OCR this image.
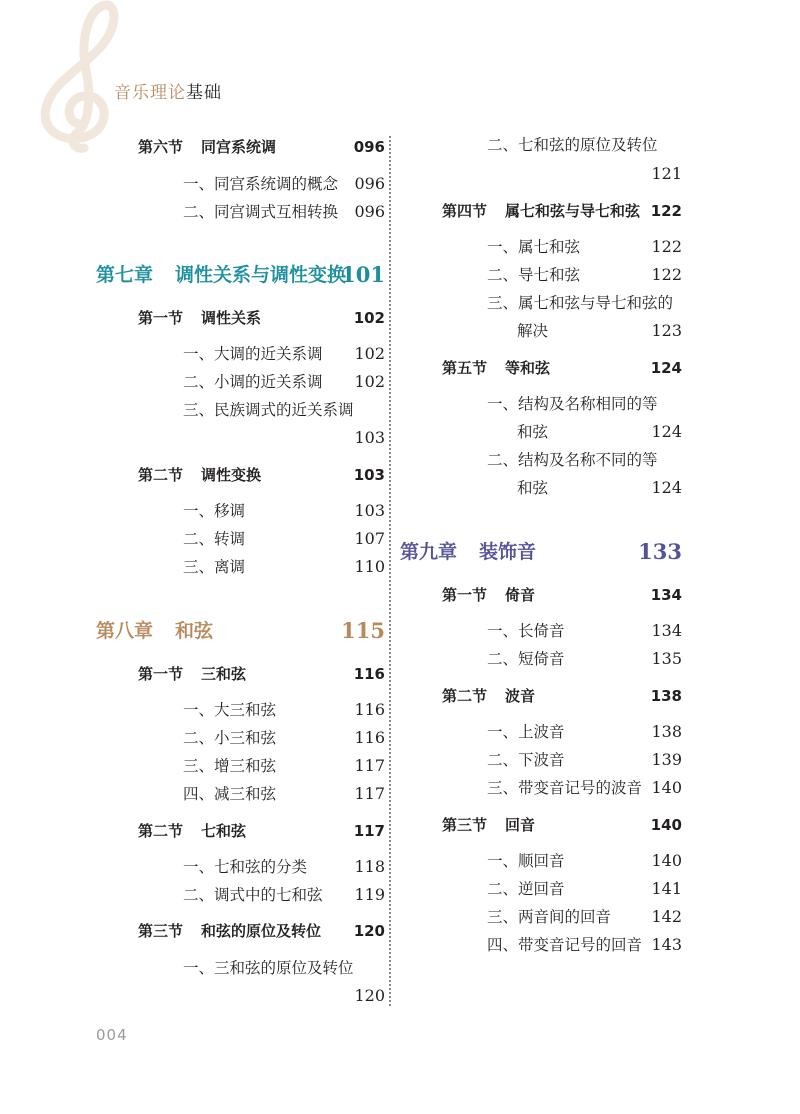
音乐理论基础
第六节 同宫系统调	096
一、同宫系统调的概念 096
二、同宫调式互相转换 096
第七章 调性关系与调性变换
101
第一节 调性关系	102
一、大调的近关系调 102
二、小调的近关系调 102
三、民族调式的近关系调
103
第二节 调性变换	103
一、移调	103
二、转调	107
三、离调	110
第八章 和弦	115
第一节 三和弦	116
一、大三和弦	116
二、小三和弦	116
三、增三和弦	117
四、减三和弦	117
第二节 七和弦	117
一、七和弦的分类	118
二、调式中的七和弦 119
第三节 和弦的原位及转位 120
一、三和弦的原位及转位
120
二、七和弦的原位及转位
121
第四节 属七和弦与导七和弦 122
一、属七和弦	122
二、导七和弦	122
三、属七和弦与导七和弦的
解决	123
第五节 等和弦	124
一、结构及名称相同的等
和弦	124
二、结构及名称不同的等
和弦	124
第九章 装饰音	133
第一节 倚音	134
一、长倚音	134
二、短倚音	135
第二节 波音	138
一、上波音	138
二、下波音	139
三、带变音记号的波音 140
第三节 回音	140
一、顺回音	140
二、逆回音	141
三、两音间的回音	142
四、带变音记号的回音 143
004
